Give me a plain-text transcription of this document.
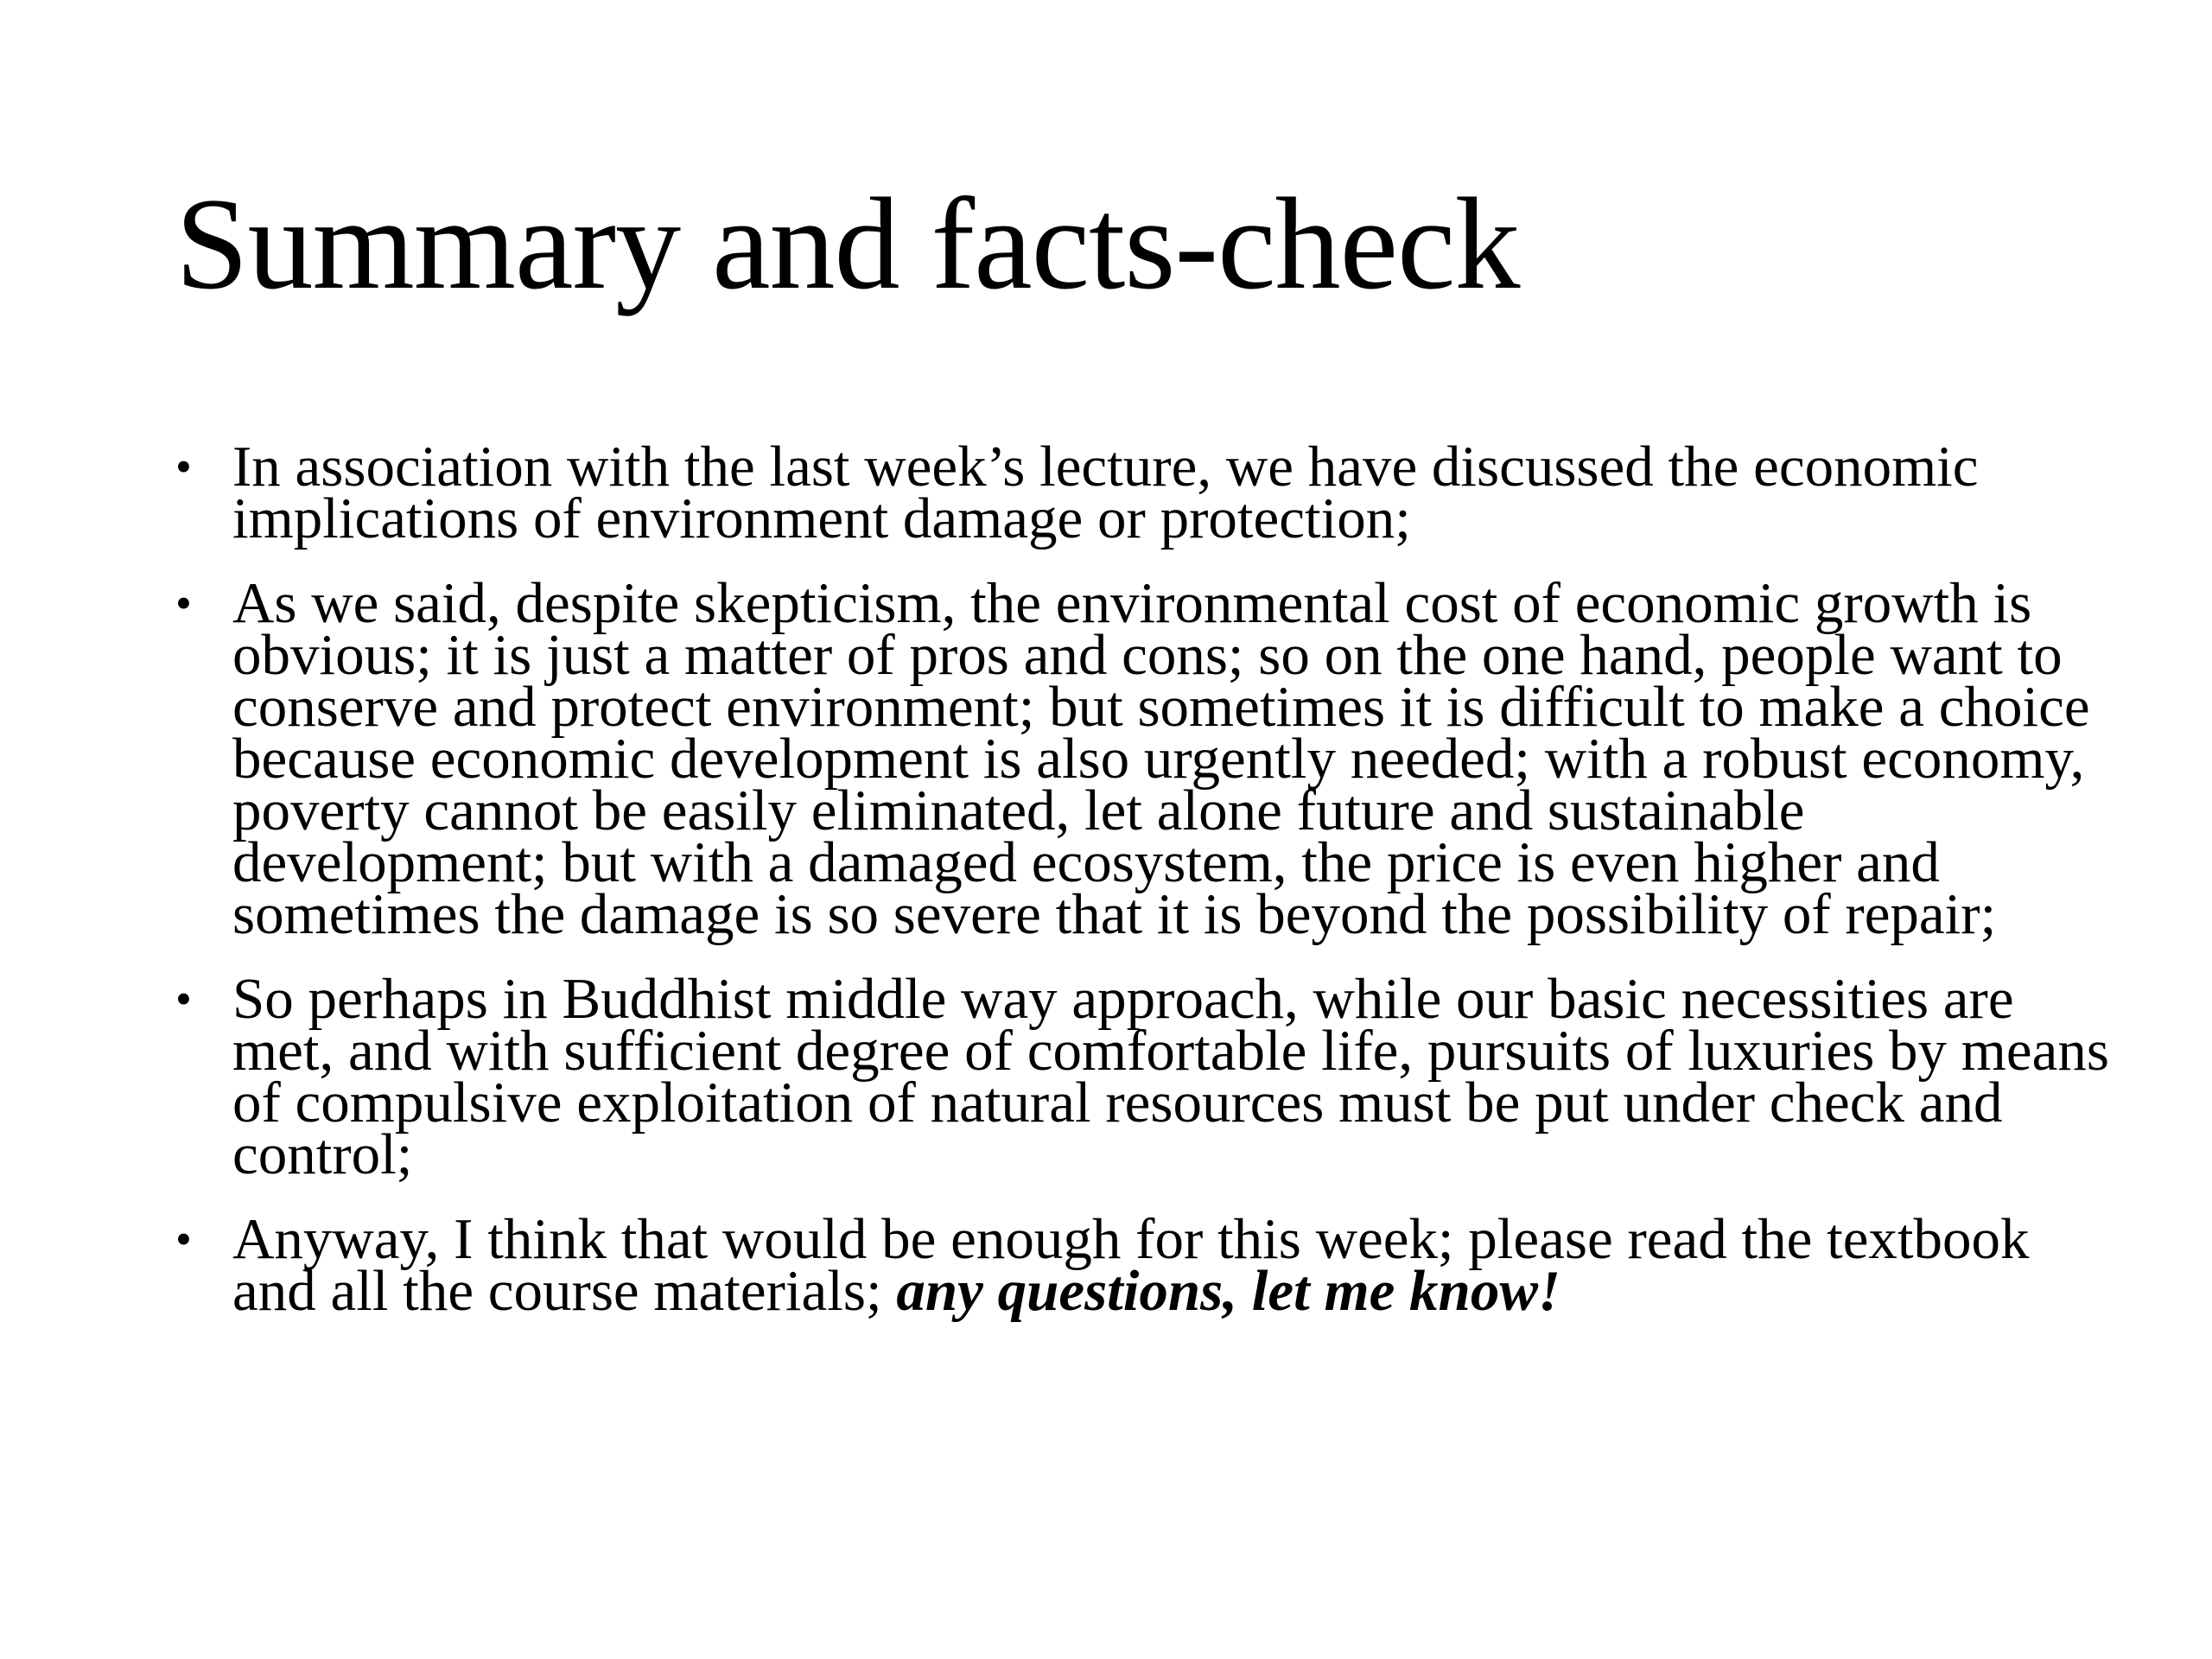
Summary and facts-check
• In association with the last week’s lecture, we have discussed the economic implications of environment damage or protection;
• As we said, despite skepticism, the environmental cost of economic growth is obvious; it is just a matter of pros and cons; so on the one hand, people want to conserve and protect environment; but sometimes it is difficult to make a choice because economic development is also urgently needed; with a robust economy, poverty cannot be easily eliminated, let alone future and sustainable development; but with a damaged ecosystem, the price is even higher and sometimes the damage is so severe that it is beyond the possibility of repair;
• So perhaps in Buddhist middle way approach, while our basic necessities are met, and with sufficient degree of comfortable life, pursuits of luxuries by means of compulsive exploitation of natural resources must be put under check and control;
• Anyway, I think that would be enough for this week; please read the textbook and all the course materials; any questions, let me know!
